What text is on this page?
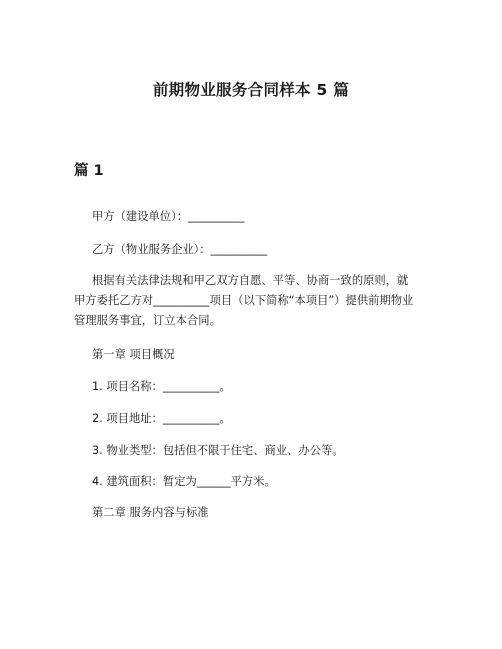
前期物业服务合同样本 5 篇
篇 1
甲方（建设单位）：__________
乙方（物业服务企业）：__________
根据有关法律法规和甲乙双方自愿、平等、协商一致的原则，就
甲方委托乙方对__________项目（以下简称“本项目”）提供前期物业
管理服务事宜，订立本合同。
第一章 项目概况
1. 项目名称：__________。
2. 项目地址：__________。
3. 物业类型：包括但不限于住宅、商业、办公等。
4. 建筑面积：暂定为______平方米。
第二章 服务内容与标准
